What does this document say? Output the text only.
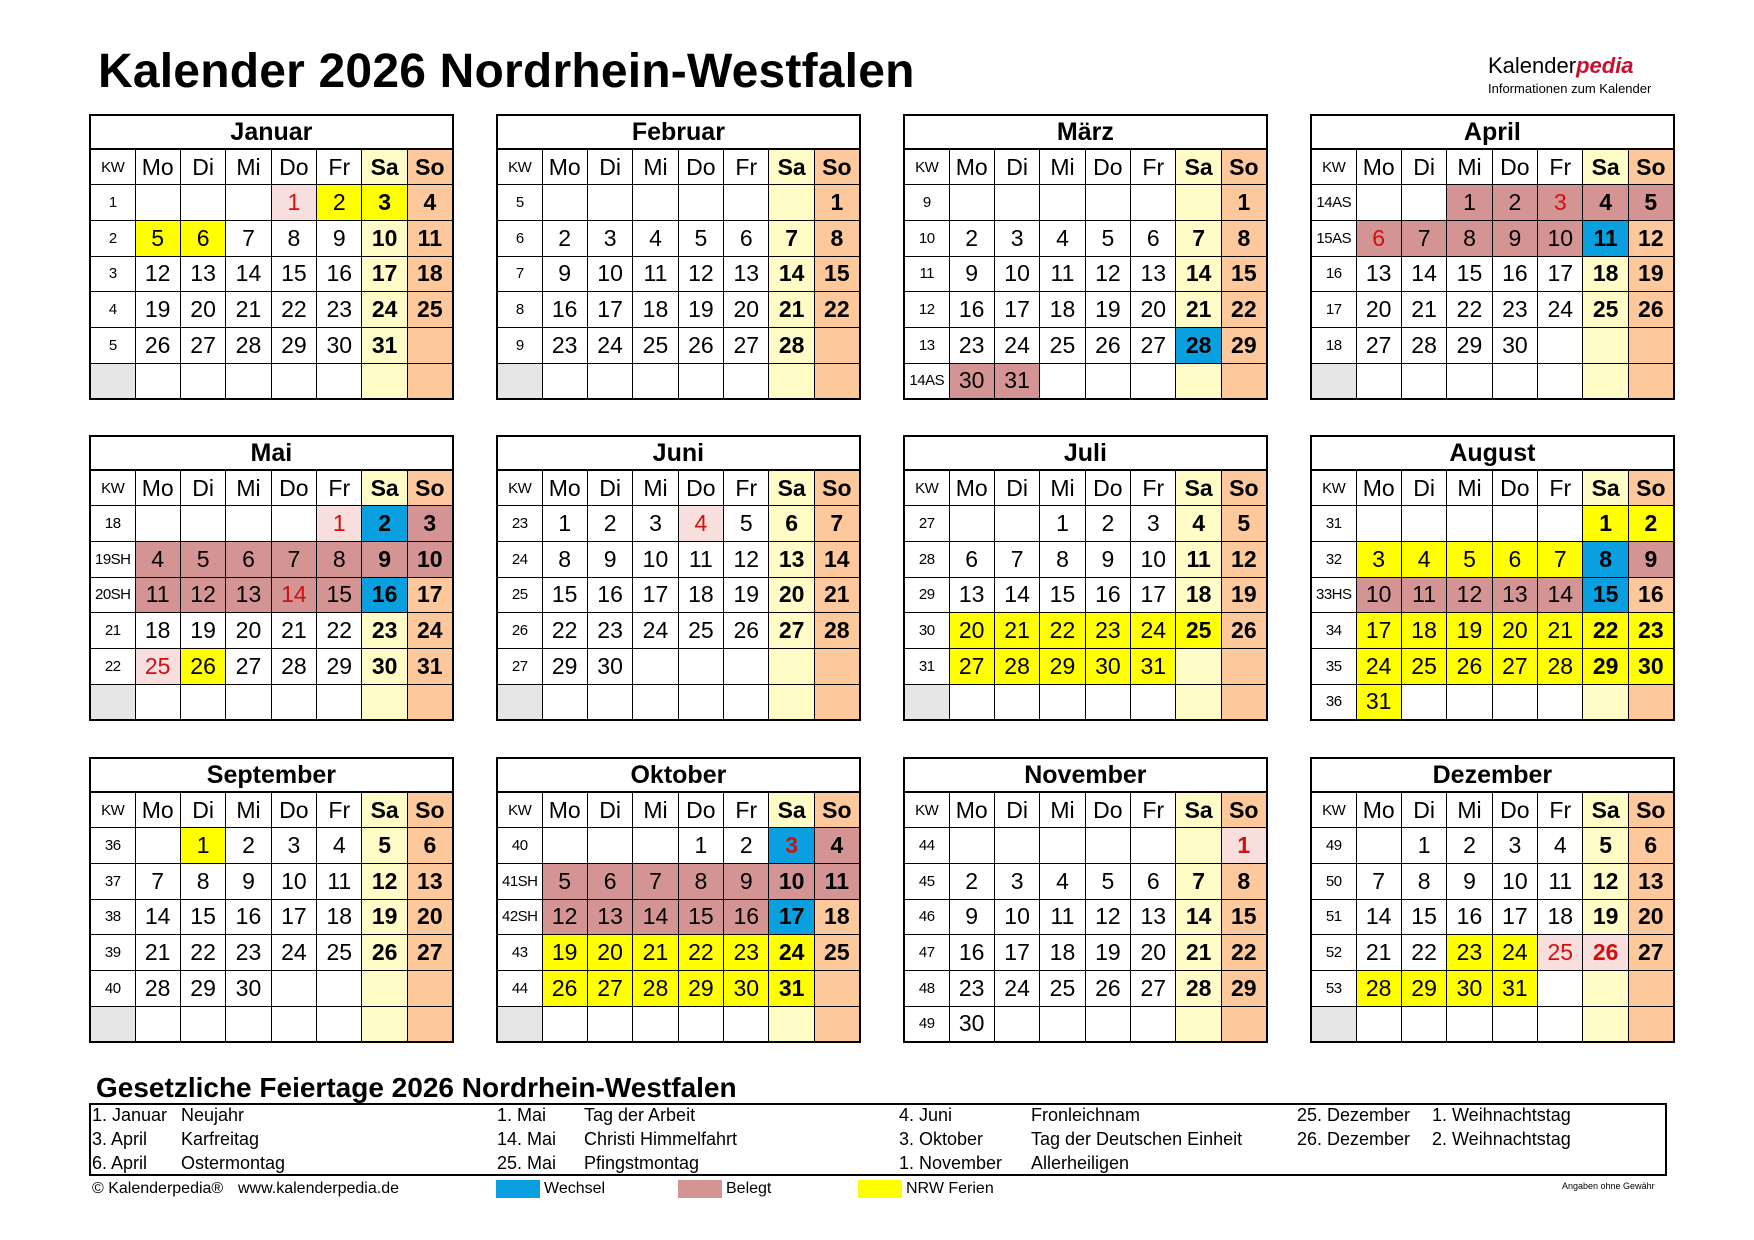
Kalender 2026 Nordrhein-Westfalen	Kalenderpedia
Informationen zum Kalender
Januar							
KW	Mo	Di	Mi	Do	Fr	Sa	So
1				1	2	3	4
2	5	6	7	8	9	10	11
3	12	13	14	15	16	17	18
4	19	20	21	22	23	24	25
5	26	27	28	29	30	31	

Februar							
KW	Mo	Di	Mi	Do	Fr	Sa	So
5							1
6	2	3	4	5	6	7	8
7	9	10	11	12	13	14	15
8	16	17	18	19	20	21	22
9	23	24	25	26	27	28	

März							
KW	Mo	Di	Mi	Do	Fr	Sa	So
9							1
10	2	3	4	5	6	7	8
11	9	10	11	12	13	14	15
12	16	17	18	19	20	21	22
13	23	24	25	26	27	28	29
14AS	30	31					
April							
KW	Mo	Di	Mi	Do	Fr	Sa	So
14AS			1	2	3	4	5
15AS	6	7	8	9	10	11	12
16	13	14	15	16	17	18	19
17	20	21	22	23	24	25	26
18	27	28	29	30			

Mai							
KW	Mo	Di	Mi	Do	Fr	Sa	So
18					1	2	3
19SH	4	5	6	7	8	9	10
20SH	11	12	13	14	15	16	17
21	18	19	20	21	22	23	24
22	25	26	27	28	29	30	31

Juni							
KW	Mo	Di	Mi	Do	Fr	Sa	So
23	1	2	3	4	5	6	7
24	8	9	10	11	12	13	14
25	15	16	17	18	19	20	21
26	22	23	24	25	26	27	28
27	29	30					

Juli							
KW	Mo	Di	Mi	Do	Fr	Sa	So
27			1	2	3	4	5
28	6	7	8	9	10	11	12
29	13	14	15	16	17	18	19
30	20	21	22	23	24	25	26
31	27	28	29	30	31		

August							
KW	Mo	Di	Mi	Do	Fr	Sa	So
31						1	2
32	3	4	5	6	7	8	9
33HS	10	11	12	13	14	15	16
34	17	18	19	20	21	22	23
35	24	25	26	27	28	29	30
36	31						
September							
KW	Mo	Di	Mi	Do	Fr	Sa	So
36		1	2	3	4	5	6
37	7	8	9	10	11	12	13
38	14	15	16	17	18	19	20
39	21	22	23	24	25	26	27
40	28	29	30				

Oktober							
KW	Mo	Di	Mi	Do	Fr	Sa	So
40				1	2	3	4
41SH	5	6	7	8	9	10	11
42SH	12	13	14	15	16	17	18
43	19	20	21	22	23	24	25
44	26	27	28	29	30	31	

November							
KW	Mo	Di	Mi	Do	Fr	Sa	So
44							1
45	2	3	4	5	6	7	8
46	9	10	11	12	13	14	15
47	16	17	18	19	20	21	22
48	23	24	25	26	27	28	29
49	30						
Dezember							
KW	Mo	Di	Mi	Do	Fr	Sa	So
49		1	2	3	4	5	6
50	7	8	9	10	11	12	13
51	14	15	16	17	18	19	20
52	21	22	23	24	25	26	27
53	28	29	30	31			

Gesetzliche Feiertage 2026 Nordrhein-Westfalen
1. Januar Neujahr
3. April Karfreitag
6. April Ostermontag
1. Mai Tag der Arbeit
14. Mai Christi Himmelfahrt
25. Mai Pfingstmontag
4. Juni	Fronleichnam
3. Oktober	Tag der Deutschen Einheit
1. November Allerheiligen
25. Dezember 1. Weihnachtstag
26. Dezember 2. Weihnachtstag
© Kalenderpedia® www.kalenderpedia.de	Wechsel	Belegt	NRW Ferien	Angaben ohne Gewähr
